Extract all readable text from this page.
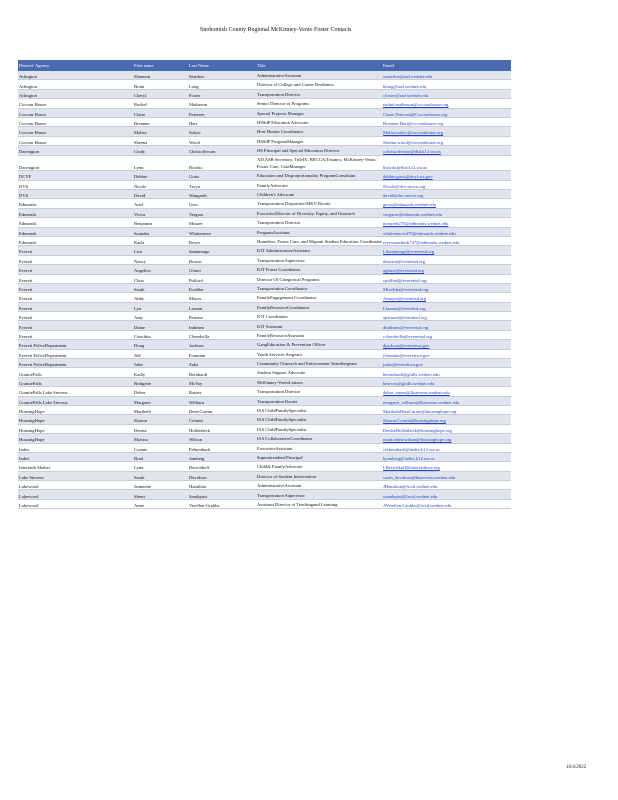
Snohomish County Regional McKinney-Vento Foster Contacts
District/ Agency	First name	Last Name	Title	Email
Arlington	Shannon	Sanchez	AdministrativeAssistant	ssanchez@asd.wednet.edu
Arlington	Brian	Long	Director of College and Career Readiness	blong@asd.wednet.edu
Arlington	Cheryl	Foster	Transportation Director	cfoster@asd.wednet.edu
Cocoon House	Rachel	Matheson	Senior Director of Programs	rachel.matheson@cocoonhouse.org
Cocoon House	Claire	Petersen	Special Projects Manager	Claire.Petersen@Cocoonhouse.org
Cocoon House	Brennan	Hart	HSSdP Education Advocate	Brennan.Hart@cocoonhouse.org
Cocoon House	Malisa	Sulyic	Host Homes Coordinator	Malisa.sulyic@cocoonhouse.org
Cocoon House	Sheena	Wood	HSSdP ProgramManager	Sheena.wood@cocoonhouse.org
Darrington	Cindy	Christofferson	HS Principal and Special Education Director	cchristofferson@dsd.k12.wa.us
Darrington	Lynn	Brooks	AD,ASB Secretary, TitleIX, BECCA/Truancy, McKinney-Vento, Foster Care, CaseManager	lbrooks@dsd.k12.wa.us
DCYF	Debbie	Goris	Education and Disproportionality ProgramConsultant	debbie.goris@dcyf.wa.gov
DVS	Nicole	Troya	FamilyAdvocate	Nicole@dvs-snoco.org
DVS	David	Wangardt	Children's Advocate	david@dvs-snoco.org
Edmonds	Ariel	Gess	Transportation Dispatcher/MKV Router	gessa@edmonds.wednet.edu
Edmonds	Victor	Vergara	ExecutiveDirector of Diversity, Equity, and Outreach	vergarav@edmonds.wednet.edu
Edmonds	Benjamin	Moszer	Transportation Director	moszerb276@edmonds.wednet.edu
Edmonds	Saundra	Whittemore	ProgramAssistant	whittemores479@edmonds.wednet.edu
Edmonds	Karla	Reyes	Homeless, Foster Care, and Migrant Student Education Coordinator	reyessanchezk747@edmonds.wednet.edu
Everett	Lisa	Santamago	KIT AdministrativeAssistant	LSantamago@everettsd.org
Everett	Nancy	Brown	Transportation Supervisor	nbrown@everettsd.org
Everett	Angelica	Glaser	KIT Foster Coordinator	aglaser@everettsd.org
Everett	Chris	Pulford	Director Of Categorical Programs	cpulford@everettsd.org
Everett	Sarah	Koehler	Transportation Coordinator	SKoehler@everettsd.org
Everett	Abby	Mayes	FamilyEngagement Coordinator	Amayes@everettsd.org
Everett	Lyn	Lazzan	FamilyResourceCoordinator	Llazzan@everettsd.org
Everett	Amy	Perusse	KIT Coordinator	aperusse@everettsd.org
Everett	Diane	Indimeo	KIT Assistant	dindimeo@everettsd.org
Everett	Conchita	Chendvilla	FamilyResourceAssistant	cchendvilla@everettsd.org
Everett PoliceDepartment	Doug	Jackson	GangEducation & Prevention Officer	djackson@everettwa.gov
Everett PoliceDepartment	Jeff	Fountain	Youth Services Sergeant	jfountain@everettwa.gov
Everett PoliceDepartment	John	Zaka	Community Outreach and Enforcement TeamSergeant	jzaka@everettwa.gov
GraniteFalls	Kathy	Bernhardt	Student Support Advocate	kbernhardt@gfalls.wednet.edu
GraniteFalls	Bridgette	McVay	McKinney-VentoLiaison	bmcvay@gfalls.wednet.edu
GraniteFalls Lake Stevens	Debra	Ratner	Transportation Director	debra_ratner@lkstevens.wednet.edu
GraniteFalls Lake Stevens	Margaret	Wilburn	Transportation Router	margaret_wilburn@lkstevens.wednet.edu
HousingHope	Maribeth	Dent-Curran	ISA ChildFamilySpecialist	MaribethDentCurran@housinghope.org
HousingHope	Sharon	Cremin	ISA ChildFamilySpecialist	Sharon.Cremin@housinghope.org
HousingHope	Denise	Hollenbeck	ISA ChildFamilySpecialist	DeniseHollenbeck@housinghope.org
HousingHope	Monica	Wilson	ISA CollaborativeCoordinator	monicabetzwilson@housinghope.org
Index	Connie	Fehrenbach	ExecutiveAssistant	cfehrenbach@index.k12.wa.us
Index	Brad	Jamberg	Superintendent/Principal	bjamberg@index.k12.wa.us
Interfaith Shelter	Lynn	Berschkoff	Child& FamilyAdvocate	LBerschkoff@interfaithwa.org
Lake Stevens	Sarah	Davidson	Director of Student Intervention	sarah_davidson@lkstevens.wednet.edu
Lakewood	Jeannette	Hamilton	AdministrativeAssistant	JHamilton@lwsd.wednet.edu
Lakewood	Sherri	Sandquist	Transportation Supervisor	ssandquist@lwsd.wednet.edu
Lakewood	Amie	Verellen-Grubbs	Assistant Director of Teachingand Learning	AVerellen-Grubbs@lwsd.wednet.edu
10/4/2022
